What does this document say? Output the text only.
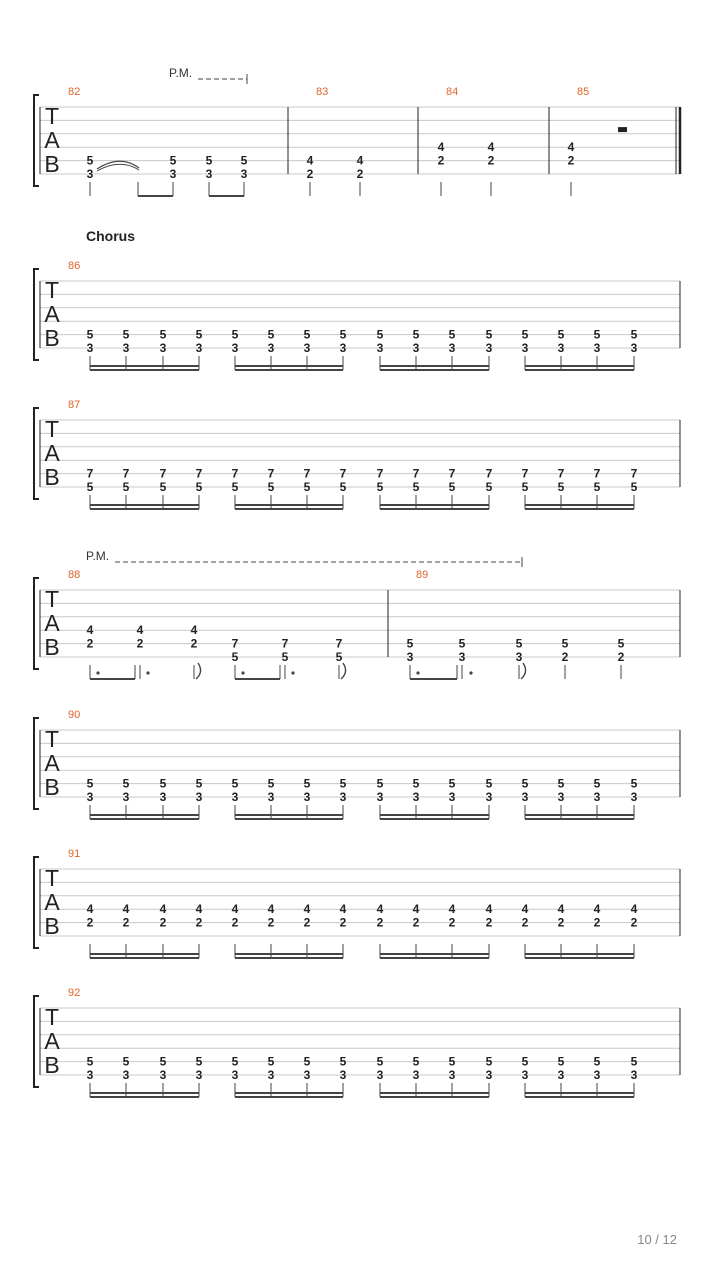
T
A
B
P.M.
82
5
3
5
3
5
3
5
3
83
4
2
4
2
84
4
2
4
2
85
4
2
Chorus
T
A
B
86
5
3
5
3
5
3
5
3
5
3
5
3
5
3
5
3
5
3
5
3
5
3
5
3
5
3
5
3
5
3
5
3
T
A
B
87
7
5
7
5
7
5
7
5
7
5
7
5
7
5
7
5
7
5
7
5
7
5
7
5
7
5
7
5
7
5
7
5
T
A
B
P.M.
88
4
2
4
2
4
2	7
5
7
5
7
5
89
5
3
5
3
5
3
5
2
5
2
T
A
B
90
5
3
5
3
5
3
5
3
5
3
5
3
5
3
5
3
5
3
5
3
5
3
5
3
5
3
5
3
5
3
5
3
T
A
B
91
4
2
4
2
4
2
4
2
4
2
4
2
4
2
4
2
4
2
4
2
4
2
4
2
4
2
4
2
4
2
4
2
T
A
B
92
5
3
5
3
5
3
5
3
5
3
5
3
5
3
5
3
5
3
5
3
5
3
5
3
5
3
5
3
5
3
5
3
10 / 12
